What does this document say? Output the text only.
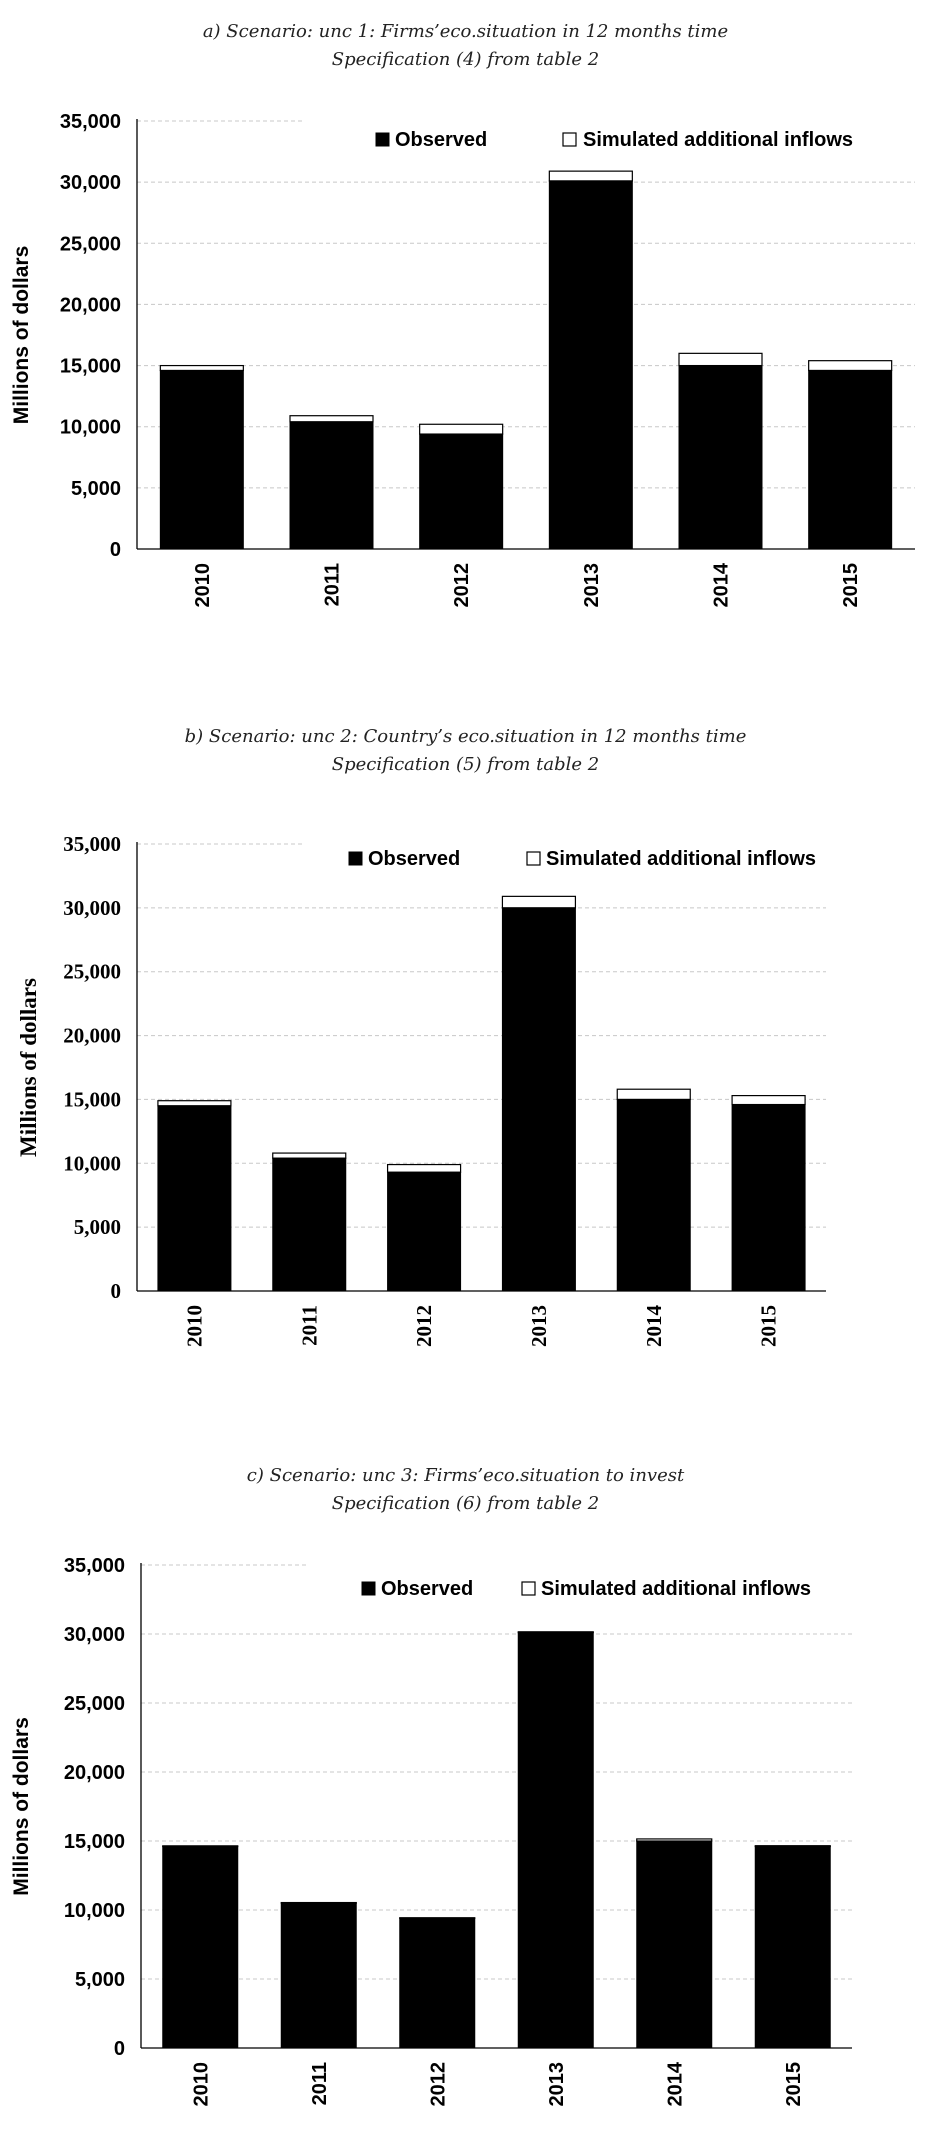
a) Scenario: unc 1: Firms’eco.situation in 12 months time
Specification (4) from table 2
35,000
30,000
25,000
20,000
15,000
10,000
5,000
0
Millions of dollars
2010	2011	2012	2013	2014	2015
Observed	Simulated additional inflows
b) Scenario: unc 2: Country’s eco.situation in 12 months time
Specification (5) from table 2
35,000
30,000
25,000
20,000
15,000
10,000
5,000
0
Millions of dollars
2010	2011	2012	2013	2014	2015
Observed	Simulated additional inflows
c) Scenario: unc 3: Firms’eco.situation to invest
Specification (6) from table 2
35,000
30,000
25,000
20,000
15,000
10,000
5,000
0
Millions of dollars
2010	2011	2012	2013	2014	2015
Observed	Simulated additional inflows
